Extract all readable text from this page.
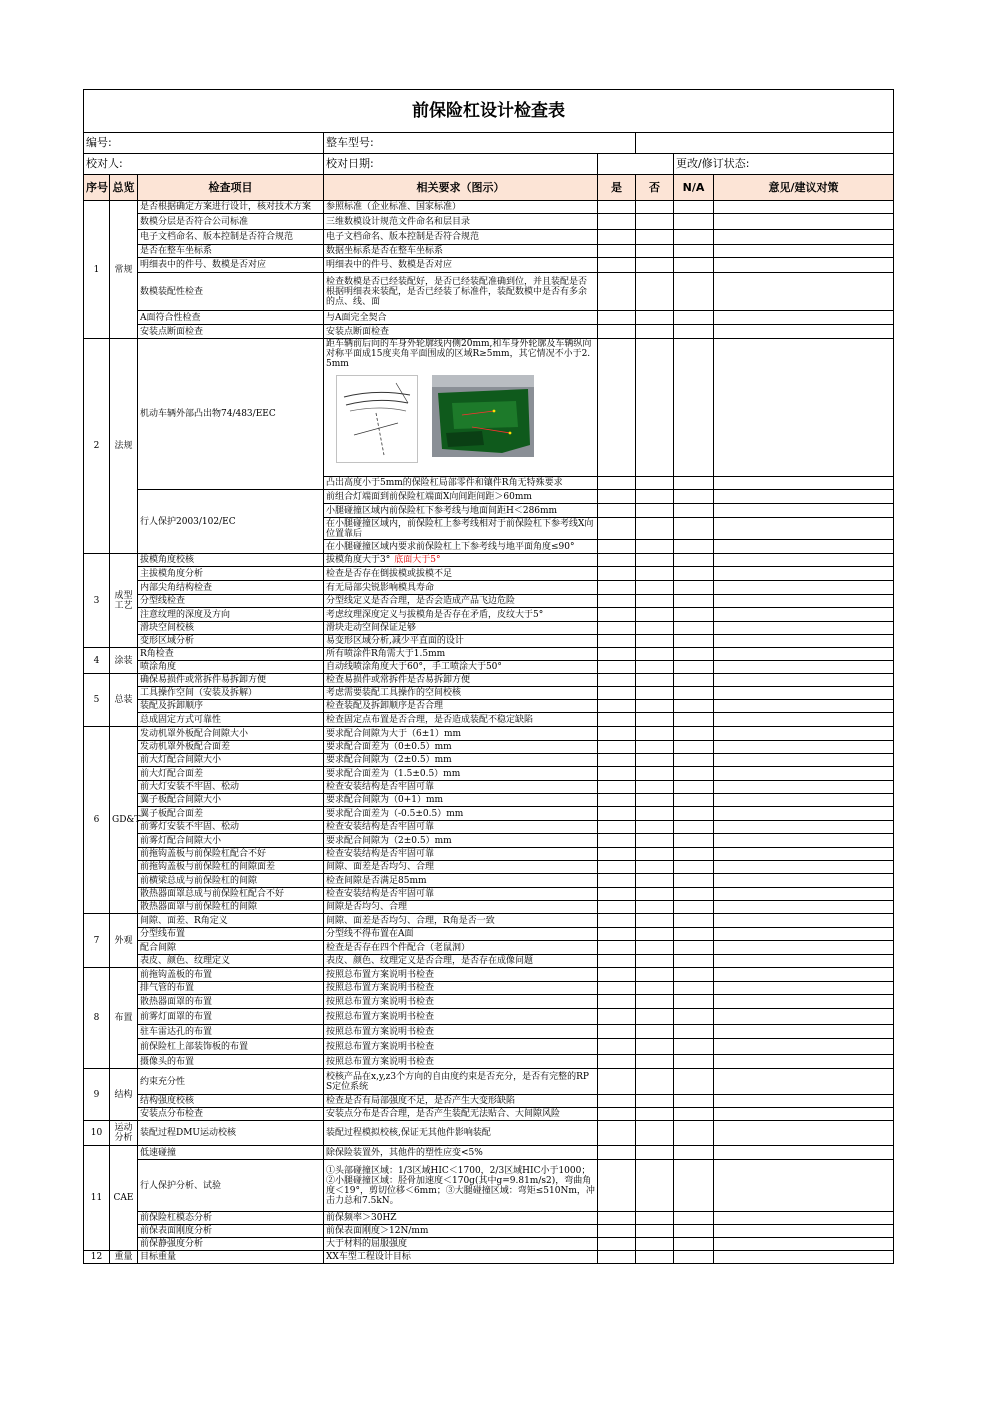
前保险杠设计检查表							
编号:			整车型号:				
校对人:			校对日期:			更改/修订状态:	
序号	总览	检查项目	相关要求（图示）	是	否	N/A	意见/建议对策
1	常规	是否根据确定方案进行设计，核对技术方案	参照标准（企业标准、国家标准）				
		数模分层是否符合公司标准	三维数模设计规范文件命名和层目录				
		电子文档命名、版本控制是否符合规范	电子文档命名、版本控制是否符合规范				
		是否在整车坐标系	数据坐标系是否在整车坐标系				
		明细表中的件号、数模是否对应	明细表中的件号、数模是否对应				
		数模装配性检查	检查数模是否已经装配好，是否已经装配准确到位，并且装配是否根据明细表来装配，是否已经装了标准件，装配数模中是否有多余的点、线、面				
		A面符合性检查	与A面完全契合				
		安装点断面检查	安装点断面检查				
2	法规	机动车辆外部凸出物74/483/EEC	距车辆前后向的车身外轮廓线内侧20mm,和车身外轮廓及车辆纵向对称平面成15度夹角平面围成的区域R≥5mm，其它情况不小于2.5mm

			凸出高度小于5mm的保险杠局部零件和镶件R角无特殊要求				
		行人保护2003/102/EC	前组合灯端面到前保险杠端面X向间距间距＞60mm				
			小腿碰撞区域内前保险杠下参考线与地面间距H＜286mm				
			在小腿碰撞区域内，前保险杠上参考线相对于前保险杠下参考线X向位置靠后				
			在小腿碰撞区域内要求前保险杠上下参考线与地平面角度≤90°				
3	成型工艺	拔模角度校核	拔模角度大于3° 底面大于5°				
		主拔模角度分析	检查是否存在倒拔模或拔模不足				
		内部尖角结构检查	有无局部尖锐影响模具寿命				
		分型线检查	分型线定义是否合理，是否会造成产品飞边危险				
		注意纹理的深度及方向	考虑纹理深度定义与拔模角是否存在矛盾，皮纹大于5°				
		滑块空间校核	滑块走动空间保证足够				
		变形区域分析	易变形区域分析,减少平直面的设计				
4	涂装	R角检查	所有喷涂件R角需大于1.5mm				
		喷涂角度	自动线喷涂角度大于60°，手工喷涂大于50°				
5	总装	确保易损件或常拆件易拆卸方便	检查易损件或常拆件是否易拆卸方便				
		工具操作空间（安装及拆解）	考虑需要装配工具操作的空间校核				
		装配及拆卸顺序	检查装配及拆卸顺序是否合理				
		总成固定方式可靠性	检查固定点布置是否合理，是否造成装配不稳定缺陷				
6	GD&T	发动机罩外板配合间隙大小	要求配合间隙为大于（6±1）mm				
		发动机罩外板配合面差	要求配合面差为（0±0.5）mm				
		前大灯配合间隙大小	要求配合间隙为（2±0.5）mm				
		前大灯配合面差	要求配合面差为（1.5±0.5）mm				
		前大灯安装不牢固、松动	检查安装结构是否牢固可靠				
		翼子板配合间隙大小	要求配合间隙为（0+1）mm				
		翼子板配合面差	要求配合面差为（-0.5±0.5）mm				
		前雾灯安装不牢固、松动	检查安装结构是否牢固可靠				
		前雾灯配合间隙大小	要求配合间隙为（2±0.5）mm				
		前拖钩盖板与前保险杠配合不好	检查安装结构是否牢固可靠				
		前拖钩盖板与前保险杠的间隙面差	间隙、面差是否均匀、合理				
		前横梁总成与前保险杠的间隙	检查间隙是否满足85mm				
		散热器面罩总成与前保险杠配合不好	检查安装结构是否牢固可靠				
		散热器面罩与前保险杠的间隙	间隙是否均匀、合理				
7	外观	间隙、面差、R角定义	间隙、面差是否均匀、合理，R角是否一致				
		分型线布置	分型线不得布置在A面				
		配合间隙	检查是否存在四个件配合（老鼠洞）				
		表皮、颜色、纹理定义	表皮、颜色、纹理定义是否合理，是否存在成像问题				
8	布置	前拖钩盖板的布置	按照总布置方案说明书检查				
		排气管的布置	按照总布置方案说明书检查				
		散热器面罩的布置	按照总布置方案说明书检查				
		前雾灯面罩的布置	按照总布置方案说明书检查				
		驻车雷达孔的布置	按照总布置方案说明书检查				
		前保险杠上部装饰板的布置	按照总布置方案说明书检查				
		摄像头的布置	按照总布置方案说明书检查				
9	结构	约束充分性	校核产品在x,y,z3个方向的自由度约束是否充分，是否有完整的RPS定位系统				
		结构强度校核	检查是否有局部强度不足，是否产生大变形缺陷				
		安装点分布检查	安装点分布是否合理，是否产生装配无法贴合、大间隙风险				
10	运动分析	装配过程DMU运动校核	装配过程模拟校核,保证无其他件影响装配				
11	CAE	低速碰撞	除保险装置外，其他件的塑性应变<5%				
		行人保护分析、试验	①头部碰撞区域：1/3区域HIC＜1700，2/3区域HIC小于1000；②小腿碰撞区域：胫骨加速度＜170g(其中g=9.81m/s2)，弯曲角度＜19°，剪切位移＜6mm；③大腿碰撞区域：弯矩≤510Nm，冲击力总和7.5kN。				
		前保险杠模态分析	前保频率＞30HZ				
		前保表面刚度分析	前保表面刚度＞12N/mm				
		前保静强度分析	大于材料的屈服强度				
12	重量	目标重量	XX车型工程设计目标				
